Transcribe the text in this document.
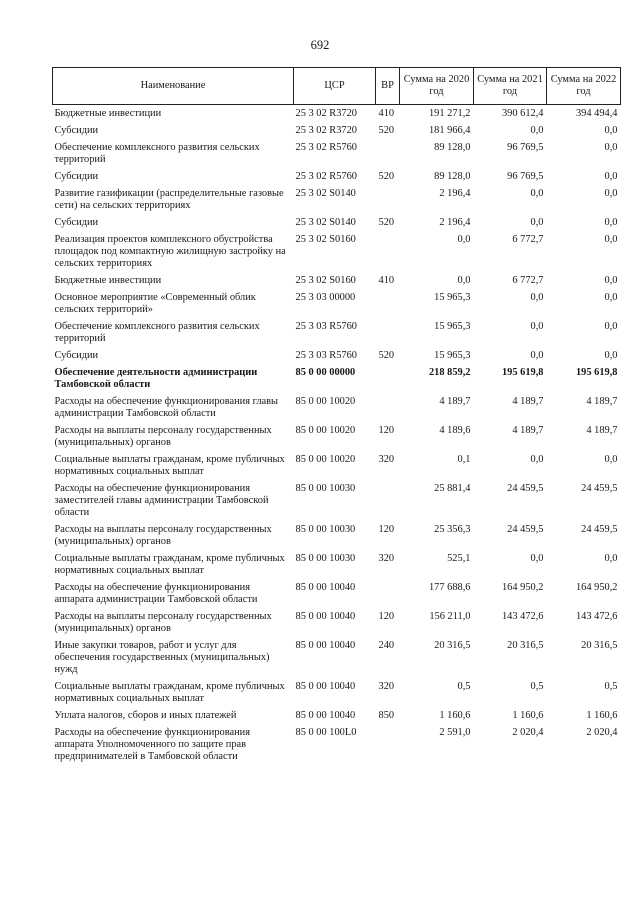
692
Наименование	ЦСР	ВР	Сумма на 2020 год	Сумма на 2021 год	Сумма на 2022 год
Бюджетные инвестиции	25 3 02 R3720	410	191 271,2	390 612,4	394 494,4
Субсидии	25 3 02 R3720	520	181 966,4	0,0	0,0
Обеспечение комплексного развития сельских территорий	25 3 02 R5760		89 128,0	96 769,5	0,0
Субсидии	25 3 02 R5760	520	89 128,0	96 769,5	0,0
Развитие газификации (распределительные газовые сети) на сельских территориях	25 3 02 S0140		2 196,4	0,0	0,0
Субсидии	25 3 02 S0140	520	2 196,4	0,0	0,0
Реализация проектов комплексного обустройства площадок под компактную жилищную застройку на сельских территориях	25 3 02 S0160		0,0	6 772,7	0,0
Бюджетные инвестиции	25 3 02 S0160	410	0,0	6 772,7	0,0
Основное мероприятие «Современный облик сельских территорий»	25 3 03 00000		15 965,3	0,0	0,0
Обеспечение комплексного развития сельских территорий	25 3 03 R5760		15 965,3	0,0	0,0
Субсидии	25 3 03 R5760	520	15 965,3	0,0	0,0
Обеспечение деятельности администрации Тамбовской области	85 0 00 00000		218 859,2	195 619,8	195 619,8
Расходы на обеспечение функционирования главы администрации Тамбовской области	85 0 00 10020		4 189,7	4 189,7	4 189,7
Расходы на выплаты персоналу государственных (муниципальных) органов	85 0 00 10020	120	4 189,6	4 189,7	4 189,7
Социальные выплаты гражданам, кроме публичных нормативных социальных выплат	85 0 00 10020	320	0,1	0,0	0,0
Расходы на обеспечение функционирования заместителей главы администрации Тамбовской области	85 0 00 10030		25 881,4	24 459,5	24 459,5
Расходы на выплаты персоналу государственных (муниципальных) органов	85 0 00 10030	120	25 356,3	24 459,5	24 459,5
Социальные выплаты гражданам, кроме публичных нормативных социальных выплат	85 0 00 10030	320	525,1	0,0	0,0
Расходы на обеспечение функционирования аппарата администрации Тамбовской области	85 0 00 10040		177 688,6	164 950,2	164 950,2
Расходы на выплаты персоналу государственных (муниципальных) органов	85 0 00 10040	120	156 211,0	143 472,6	143 472,6
Иные закупки товаров, работ и услуг для обеспечения государственных (муниципальных) нужд	85 0 00 10040	240	20 316,5	20 316,5	20 316,5
Социальные выплаты гражданам, кроме публичных нормативных социальных выплат	85 0 00 10040	320	0,5	0,5	0,5
Уплата налогов, сборов и иных платежей	85 0 00 10040	850	1 160,6	1 160,6	1 160,6
Расходы на обеспечение функционирования аппарата Уполномоченного по защите прав предпринимателей в Тамбовской области	85 0 00 100L0		2 591,0	2 020,4	2 020,4
